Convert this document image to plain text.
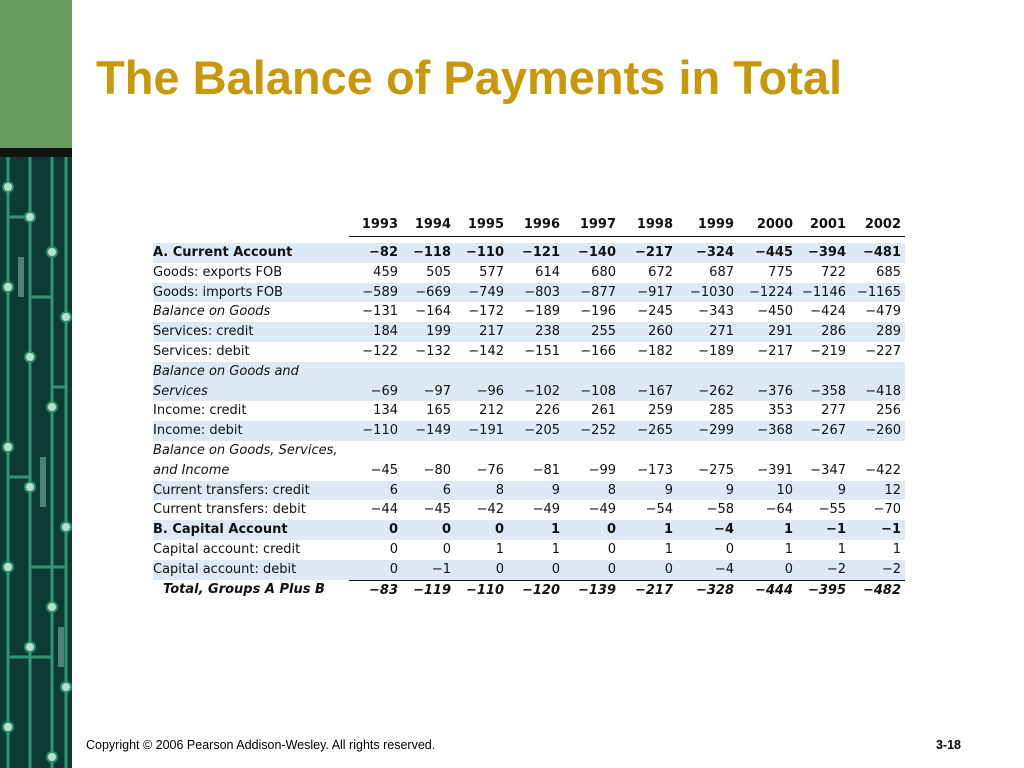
The Balance of Payments in Total
	1993	1994	1995	1996	1997	1998	1999	2000	2001	2002

A. Current Account	−82	−118	−110	−121	−140	−217	−324	−445	−394	−481

Goods: exports FOB	459	505	577	614	680	672	687	775	722	685

Goods: imports FOB	−589	−669	−749	−803	−877	−917	−1030	−1224	−1146	−1165

Balance on Goods	−131	−164	−172	−189	−196	−245	−343	−450	−424	−479

Services: credit	184	199	217	238	255	260	271	291	286	289

Services: debit	−122	−132	−142	−151	−166	−182	−189	−217	−219	−227

Balance on Goods and
Services	−69	−97	−96	−102	−108	−167	−262	−376	−358	−418

Income: credit	134	165	212	226	261	259	285	353	277	256

Income: debit	−110	−149	−191	−205	−252	−265	−299	−368	−267	−260

Balance on Goods, Services,
and Income	−45	−80	−76	−81	−99	−173	−275	−391	−347	−422

Current transfers: credit	6	6	8	9	8	9	9	10	9	12

Current transfers: debit	−44	−45	−42	−49	−49	−54	−58	−64	−55	−70

B. Capital Account	0	0	0	1	0	1	−4	1	−1	−1

Capital account: credit	0	0	1	1	0	1	0	1	1	1

Capital account: debit	0	−1	0	0	0	0	−4	0	−2	−2

Total, Groups A Plus B	−83	−119	−110	−120	−139	−217	−328	−444	−395	−482
Copyright © 2006 Pearson Addison-Wesley. All rights reserved.	3-18
